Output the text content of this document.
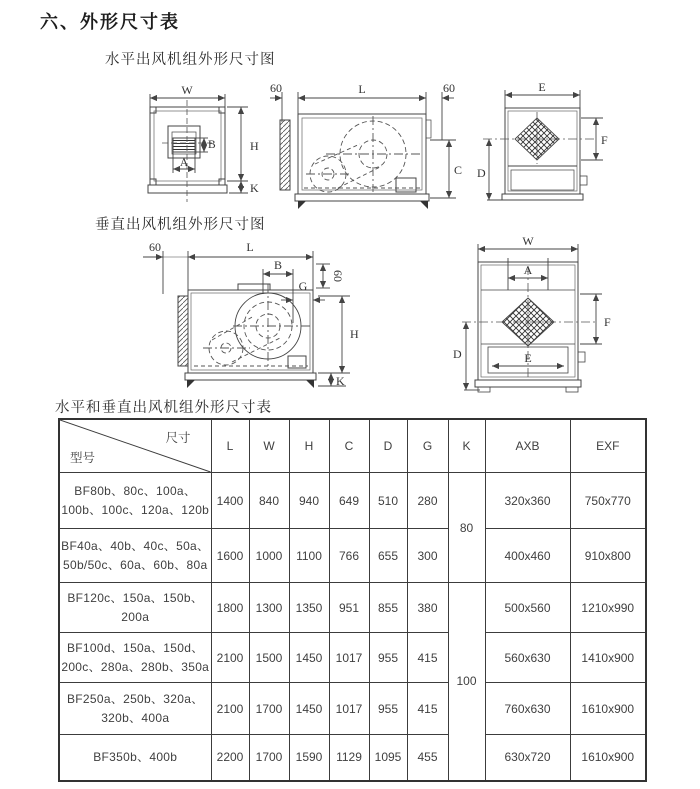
六、外形尺寸表
水平出风机组外形尺寸图
垂直出风机组外形尺寸图
水平和垂直出风机组外形尺寸表
W
H
K
A
B
60	L	60
C
E
F
D
60	L
B
60
G
H
K
W
A
F
D	E
尺寸
型号	L	W	H	C	D	G	K	AXB	EXF
BF80b、80c、100a、100b、100c、120a、120b	1400	840	940	649	510	280	80	320x360	750x770
BF40a、40b、40c、50a、50b/50c、60a、60b、80a	1600	1000	1100	766	655	300		400x460	910x800
BF120c、150a、150b、200a	1800	1300	1350	951	855	380	100	500x560	1210x990
BF100d、150a、150d、200c、280a、280b、350a	2100	1500	1450	1017	955	415		560x630	1410x900
BF250a、250b、320a、320b、400a	2100	1700	1450	1017	955	415		760x630	1610x900
BF350b、400b	2200	1700	1590	1129	1095	455		630x720	1610x900
